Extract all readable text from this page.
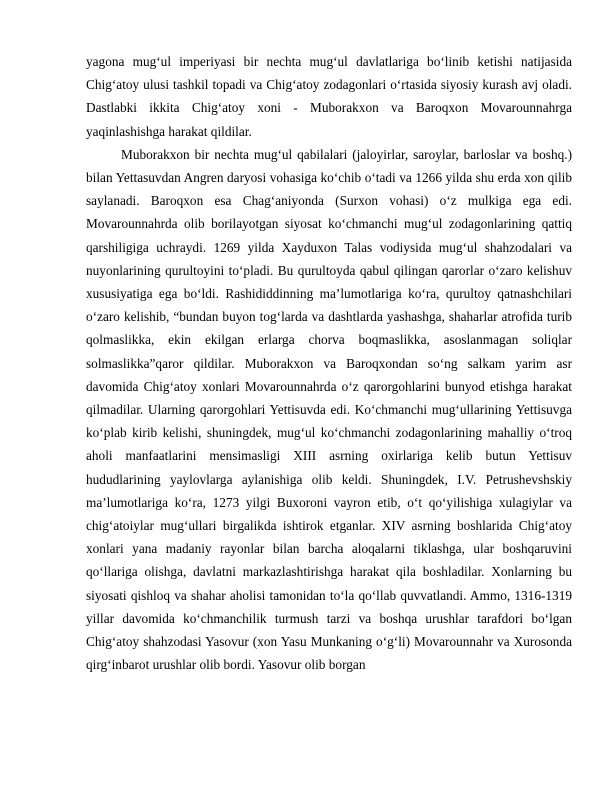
yagona mug‘ul imperiyasi bir nechta mug‘ul davlatlariga bo‘linib ketishi natijasida Chig‘atoy ulusi tashkil topadi va Chig‘atoy zodagonlari o‘rtasida siyosiy kurash avj oladi. Dastlabki ikkita Chig‘atoy xoni - Muborakxon va Baroqxon Movarounnahrga yaqinlashishga harakat qildilar.

Muborakxon bir nechta mug‘ul qabilalari (jaloyirlar, saroylar, barloslar va boshq.) bilan Yettasuvdan Angren daryosi vohasiga ko‘chib o‘tadi va 1266 yilda shu erda xon qilib saylanadi. Baroqxon esa Chag‘aniyonda (Surxon vohasi) o‘z mulkiga ega edi. Movarounnahrda olib borilayotgan siyosat ko‘chmanchi mug‘ul zodagonlarining qattiq qarshiligiga uchraydi. 1269 yilda Xayduxon Talas vodiysida mug‘ul shahzodalari va nuyonlarining qurultoyini to‘pladi. Bu qurultoyda qabul qilingan qarorlar o‘zaro kelishuv xususiyatiga ega bo‘ldi. Rashididdinning ma’lumotlariga ko‘ra, qurultoy qatnashchilari o‘zaro kelishib, “bundan buyon tog‘larda va dashtlarda yashashga, shaharlar atrofida turib qolmaslikka, ekin ekilgan erlarga chorva boqmaslikka, asoslanmagan soliqlar solmaslikka”qaror qildilar. Muborakxon va Baroqxondan so‘ng salkam yarim asr davomida Chig‘atoy xonlari Movarounnahrda o‘z qarorgohlarini bunyod etishga harakat qilmadilar. Ularning qarorgohlari Yettisuvda edi. Ko‘chmanchi mug‘ullarining Yettisuvga ko‘plab kirib kelishi, shuningdek, mug‘ul ko‘chmanchi zodagonlarining mahalliy o‘troq aholi manfaatlarini mensimasligi XIII asrning oxirlariga kelib butun Yettisuv hududlarining yaylovlarga aylanishiga olib keldi. Shuningdek, I.V. Petrushevshskiy ma’lumotlariga ko‘ra, 1273 yilgi Buxoroni vayron etib, o‘t qo‘yilishiga xulagiylar va chig‘atoiylar mug‘ullari birgalikda ishtirok etganlar. XIV asrning boshlarida Chig‘atoy xonlari yana madaniy rayonlar bilan barcha aloqalarni tiklashga, ular boshqaruvini qo‘llariga olishga, davlatni markazlashtirishga harakat qila boshladilar. Xonlarning bu siyosati qishloq va shahar aholisi tamonidan to‘la qo‘llab quvvatlandi. Ammo, 1316-1319 yillar davomida ko‘chmanchilik turmush tarzi va boshqa urushlar tarafdori bo‘lgan Chig‘atoy shahzodasi Yasovur (xon Yasu Munkaning o‘g‘li) Movarounnahr va Xurosonda qirg‘inbarot urushlar olib bordi. Yasovur olib borgan
